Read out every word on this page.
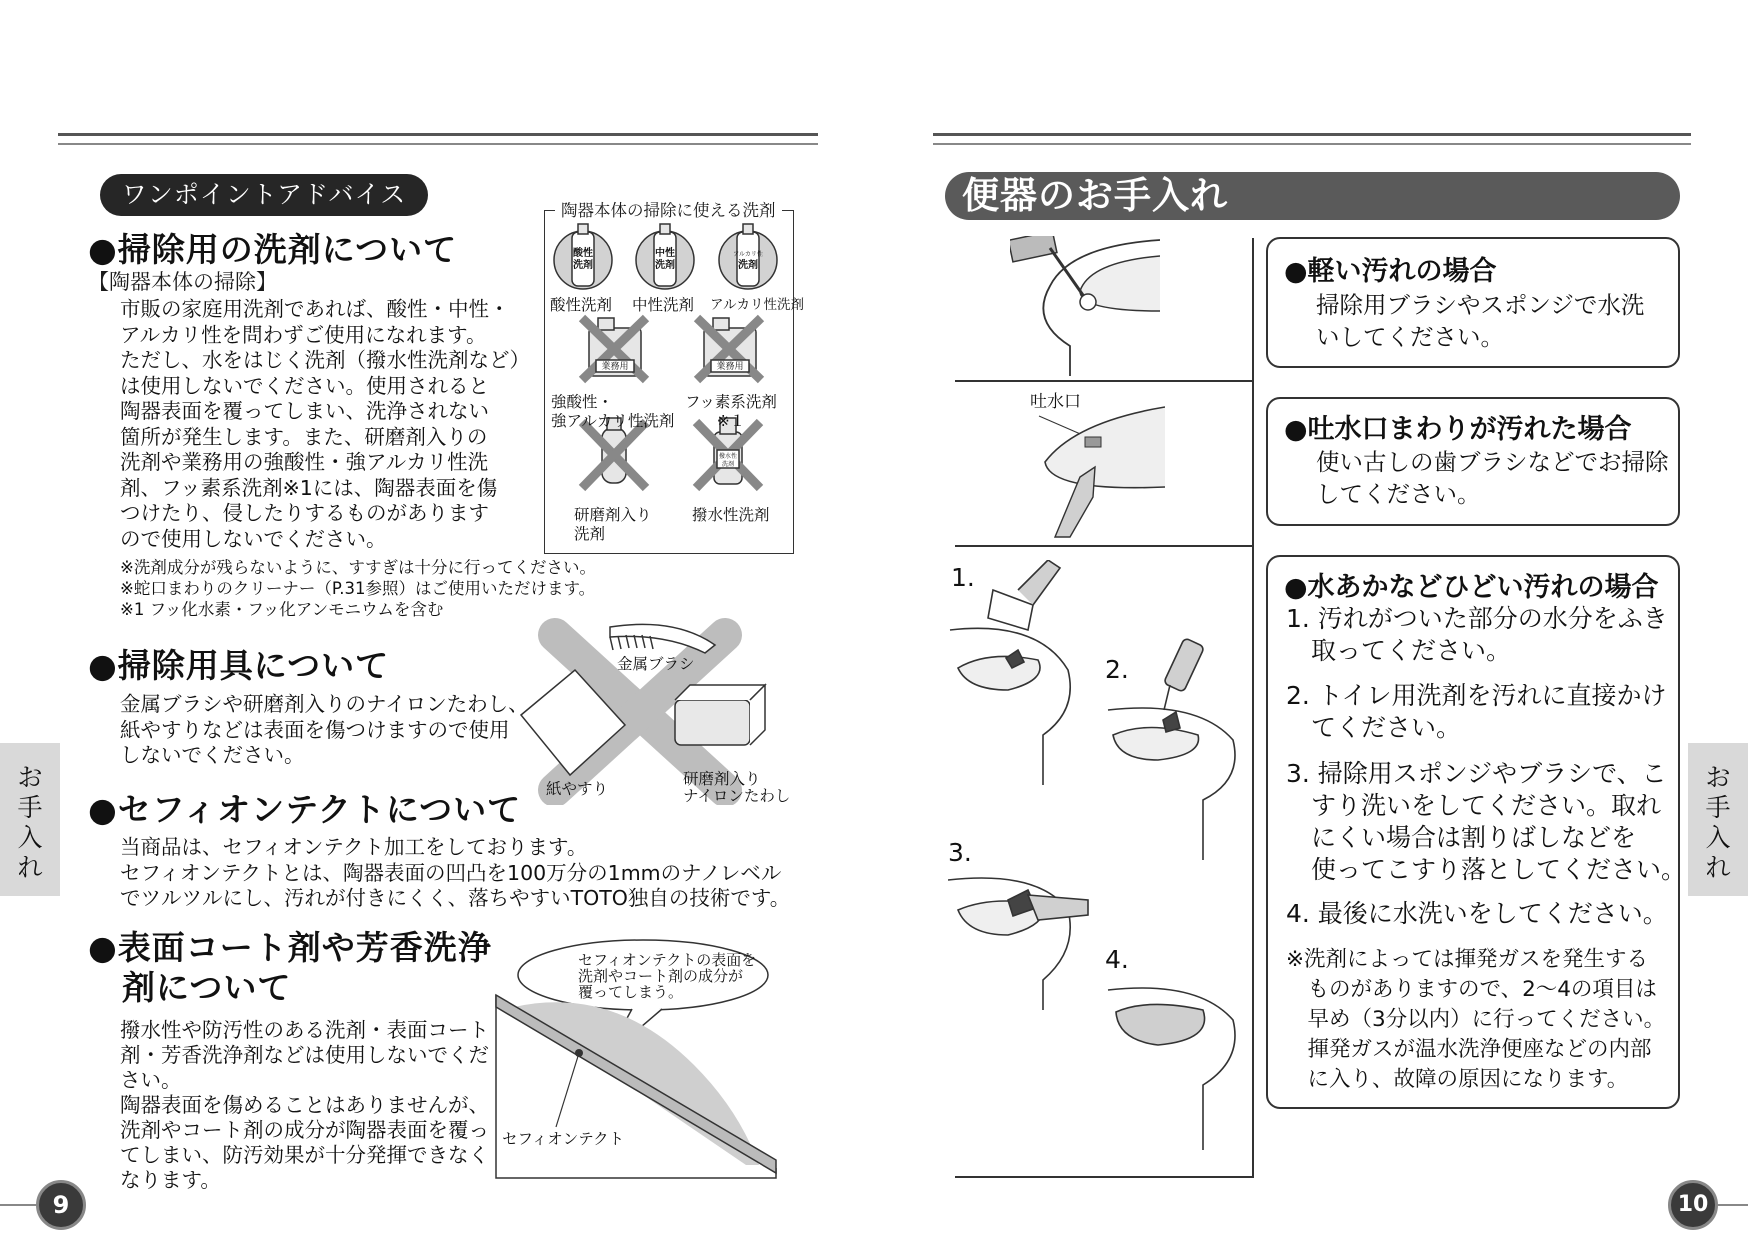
ワンポイントアドバイス
●掃除用の洗剤について
【陶器本体の掃除】
市販の家庭用洗剤であれば、酸性・中性・
アルカリ性を問わずご使用になれます。
ただし、水をはじく洗剤（撥水性洗剤など）
は使用しないでください。使用されると
陶器表面を覆ってしまい、洗浄されない
箇所が発生します。また、研磨剤入りの
洗剤や業務用の強酸性・強アルカリ性洗
剤、フッ素系洗剤※1には、陶器表面を傷
つけたり、侵したりするものがあります
ので使用しないでください。
※洗剤成分が残らないように、すすぎは十分に行ってください。
※蛇口まわりのクリーナー（P.31参照）はご使用いただけます。
※1 フッ化水素・フッ化アンモニウムを含む
陶器本体の掃除に使える洗剤
酸性
洗剤
中性
洗剤
アルカリ性
洗剤
業務用	業務用
撥水性
洗剤
酸性洗剤 中性洗剤 アルカリ性洗剤
強酸性・
強アルカリ性洗剤
フッ素系洗剤
※１
研磨剤入り
洗剤
撥水性洗剤
●掃除用具について
金属ブラシや研磨剤入りのナイロンたわし、
紙やすりなどは表面を傷つけますので使用
しないでください。
金属ブラシ
紙やすり
研磨剤入り
ナイロンたわし
●セフィオンテクトについて
当商品は、セフィオンテクト加工をしております。
セフィオンテクトとは、陶器表面の凹凸を100万分の1mmのナノレベル
でツルツルにし、汚れが付きにくく、落ちやすいTOTO独自の技術です。
●表面コート剤や芳香洗浄
剤について
撥水性や防汚性のある洗剤・表面コート
剤・芳香洗浄剤などは使用しないでくだ
さい。
陶器表面を傷めることはありませんが、
洗剤やコート剤の成分が陶器表面を覆っ
てしまい、防汚効果が十分発揮できなく
なります。
セフィオンテクトの表面を
洗剤やコート剤の成分が
覆ってしまう。
セフィオンテクト
お
手
入
れ
9
便器のお手入れ
吐水口
1.
2.
3.
4.
●軽い汚れの場合
掃除用ブラシやスポンジで水洗
いしてください。
●吐水口まわりが汚れた場合
使い古しの歯ブラシなどでお掃除
してください。
●水あかなどひどい汚れの場合
1. 汚れがついた部分の水分をふき
　取ってください。
2. トイレ用洗剤を汚れに直接かけ
　てください。
3. 掃除用スポンジやブラシで、こ
　すり洗いをしてください。取れ
　にくい場合は割りばしなどを
　使ってこすり落としてください。
4. 最後に水洗いをしてください。
※洗剤によっては揮発ガスを発生する
　ものがありますので、2〜4の項目は
　早め（3分以内）に行ってください。
　揮発ガスが温水洗浄便座などの内部
　に入り、故障の原因になります。
お
手
入
れ
10
